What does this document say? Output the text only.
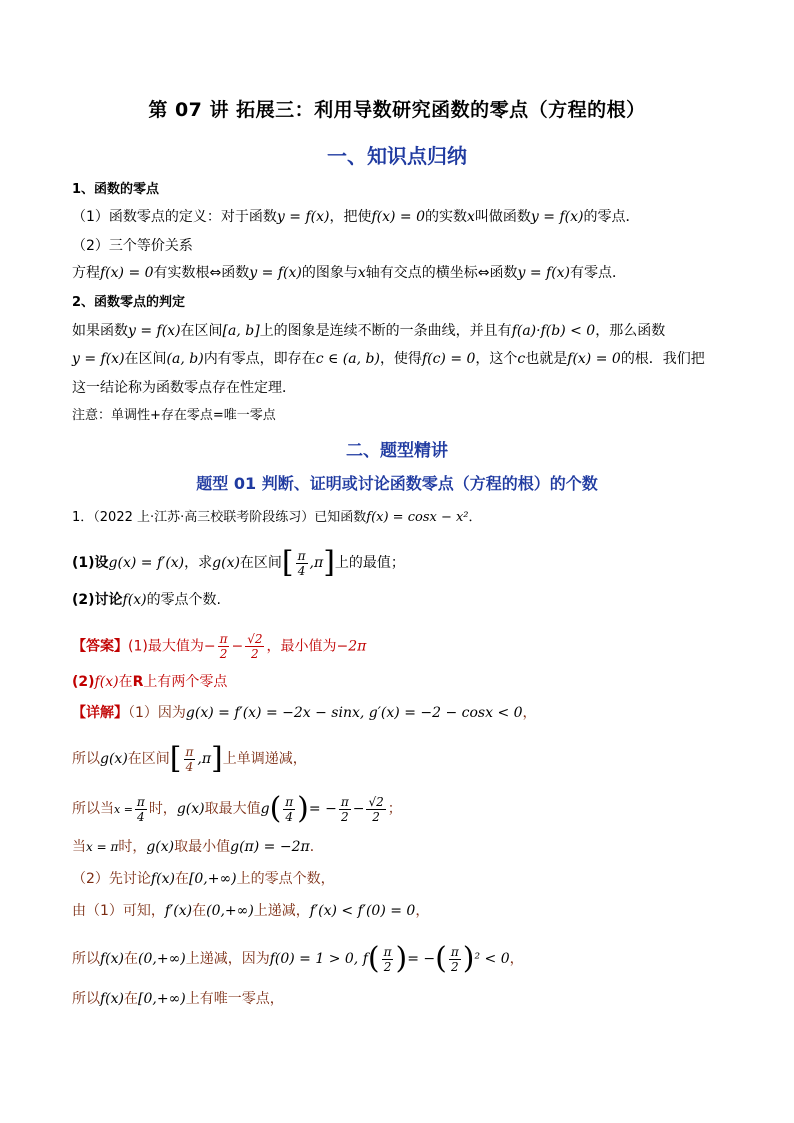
第 07 讲 拓展三：利用导数研究函数的零点（方程的根）
一、知识点归纳
1、函数的零点
（1）函数零点的定义：对于函数y = f(x)，把使f(x) = 0的实数x叫做函数y = f(x)的零点．
（2）三个等价关系
方程f(x) = 0有实数根⇔函数y = f(x)的图象与x轴有交点的横坐标⇔函数y = f(x)有零点．
2、函数零点的判定
如果函数y = f(x)在区间[a, b]上的图象是连续不断的一条曲线，并且有f(a)·f(b) < 0，那么函数
y = f(x)在区间(a, b)内有零点，即存在c ∈ (a, b)，使得f(c) = 0，这个c也就是f(x) = 0的根．我们把
这一结论称为函数零点存在性定理．
注意：单调性+存在零点=唯一零点
二、题型精讲
题型 01 判断、证明或讨论函数零点（方程的根）的个数
1．（2022 上·江苏·高三校联考阶段练习）已知函数f(x) = cosx − x²．
(1)设g(x) = f′(x)，求g(x)在区间[ $\frac{\pi}{4} ,\pi$]上的最值；
(2)讨论f(x)的零点个数.
【答案】(1)最大值为− $\frac{\pi}{2} - \frac{√2}{2}$ ，最小值为−2π
(2)f(x)在R上有两个零点
【详解】（1）因为g(x) = f′(x) = −2x − sinx, g′(x) = −2 − cosx < 0，
所以g(x)在区间[ $\frac{\pi}{4} ,\pi$]上单调递减，
所以当$x = \frac{\pi}{4}$ 时，g(x)取最大值$g( \frac{\pi}{4}$ )= − $\frac{\pi}{2} - \frac{√2}{2}$ ；
当x = π时，g(x)取最小值g(π) = −2π．
（2）先讨论f(x)在[0,+∞)上的零点个数，
由（1）可知，f′(x)在(0,+∞)上递减，f′(x) < f′(0) = 0，
所以f(x)在(0,+∞)上递减，因为f(0) = 1 > 0, $f( \frac{\pi}{2}$ )= −( $\frac{\pi}{2} )^2 < 0$，
所以f(x)在[0,+∞)上有唯一零点，
